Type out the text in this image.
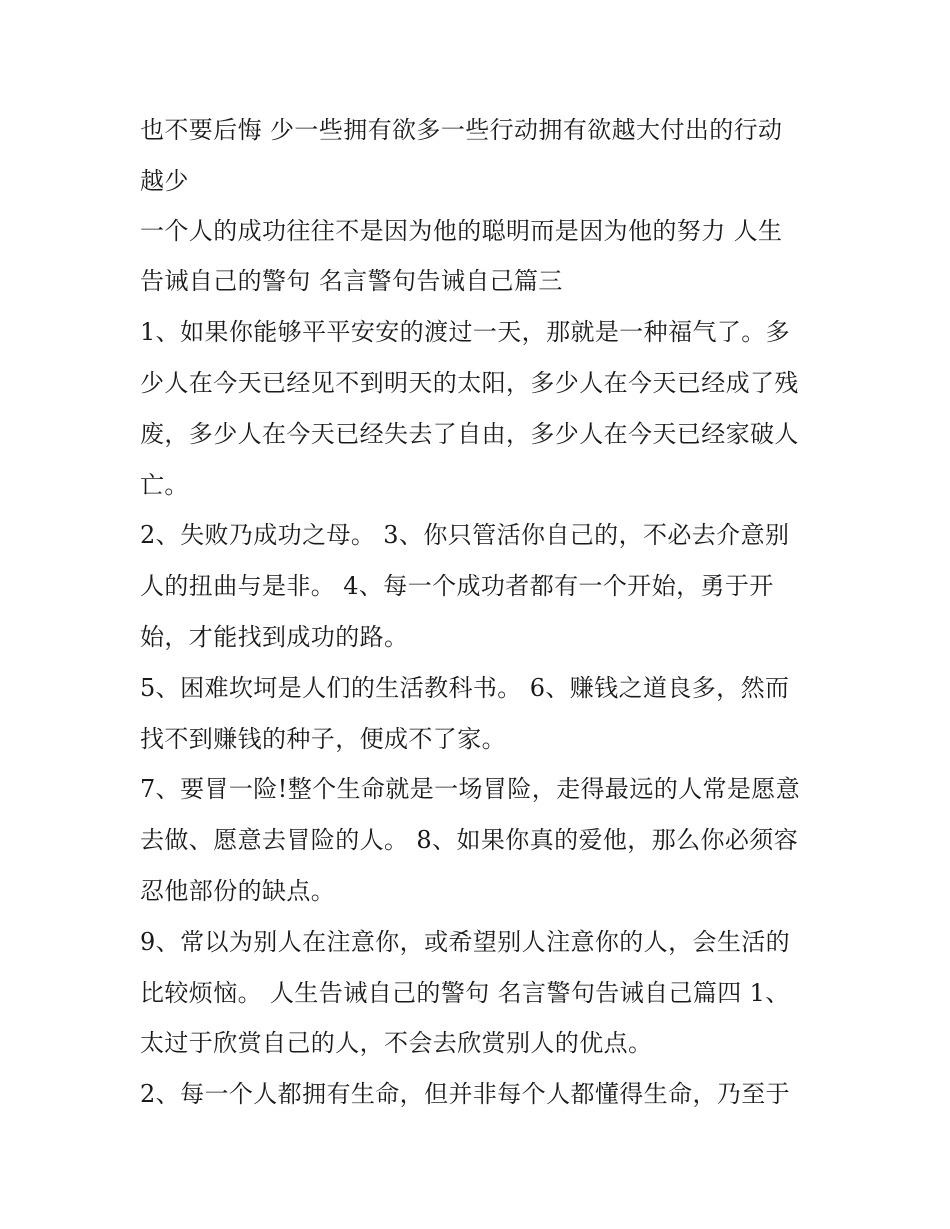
也不要后悔 少一些拥有欲多一些行动拥有欲越大付出的行动
越少
一个人的成功往往不是因为他的聪明而是因为他的努力 人生
告诫自己的警句 名言警句告诫自己篇三
1、如果你能够平平安安的渡过一天，那就是一种福气了。多
少人在今天已经见不到明天的太阳，多少人在今天已经成了残
废，多少人在今天已经失去了自由，多少人在今天已经家破人
亡。
2、失败乃成功之母。 3、你只管活你自己的，不必去介意别
人的扭曲与是非。 4、每一个成功者都有一个开始，勇于开
始，才能找到成功的路。
5、困难坎坷是人们的生活教科书。 6、赚钱之道良多，然而
找不到赚钱的种子，便成不了家。
7、要冒一险!整个生命就是一场冒险，走得最远的人常是愿意
去做、愿意去冒险的人。 8、如果你真的爱他，那么你必须容
忍他部份的缺点。
9、常以为别人在注意你，或希望别人注意你的人，会生活的
比较烦恼。 人生告诫自己的警句 名言警句告诫自己篇四 1、
太过于欣赏自己的人，不会去欣赏别人的优点。
2、每一个人都拥有生命，但并非每个人都懂得生命，乃至于
